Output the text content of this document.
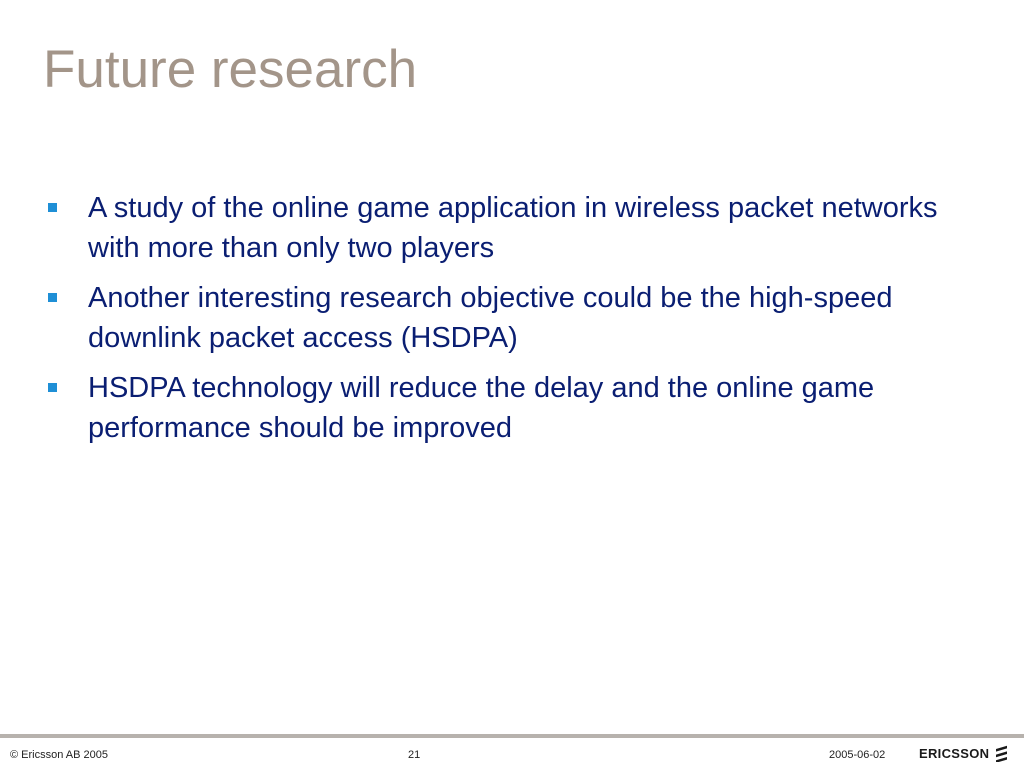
Future research
A study of the online game application in wireless packet networks with more than only two players
Another interesting research objective could be the high-speed downlink packet access (HSDPA)
HSDPA technology will reduce the delay and the online game performance should be improved
© Ericsson AB 2005	21	2005-06-02	ERICSSON
